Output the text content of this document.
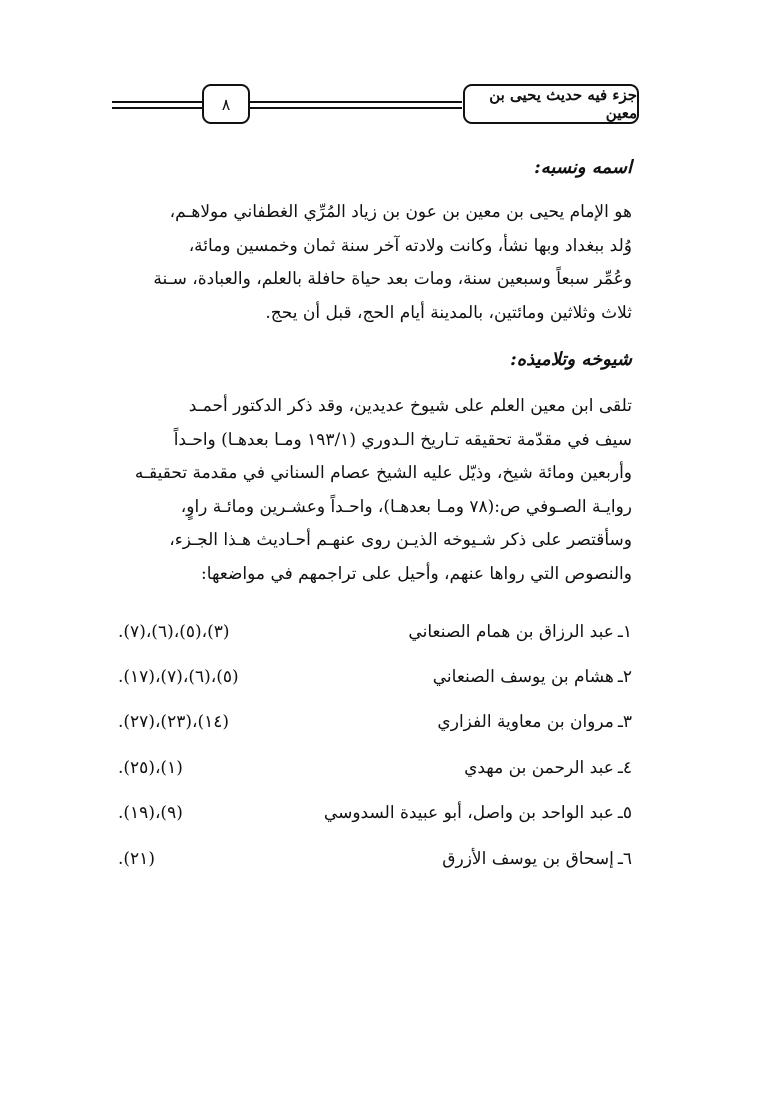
جزء فيه حديث يحيى بن معين
٨

اسمه ونسبه:

هو الإمام يحيى بن معين بن عون بن زياد المُرِّي الغطفاني مولاهـم،

وُلد ببغداد وبها نشأ، وكانت ولادته آخر سنة ثمان وخمسين ومائة،

وعُمِّر سبعاً وسبعين سنة، ومات بعد حياة حافلة بالعلم، والعبادة، سـنة

ثلاث وثلاثين ومائتين، بالمدينة أيام الحج، قبل أن يحج.

شيوخه وتلاميذه:

تلقى ابن معين العلم على شيوخ عديدين، وقد ذكر الدكتور أحمـد

سيف في مقدّمة تحقيقه تـاريخ الـدوري (١٩٣/١ ومـا بعدهـا) واحـداً

وأربعين ومائة شيخ، وذيّل عليه الشيخ عصام السناني في مقدمة تحقيقـه

روايـة الصـوفي ص:(٧٨ ومـا بعدهـا)، واحـداً وعشـرين ومائـة راوٍ،

وسأقتصر على ذكر شـيوخه الذيـن روى عنهـم أحـاديث هـذا الجـزء،

والنصوص التي رواها عنهم، وأحيل على تراجمهم في مواضعها:

١ـ
عبد الرزاق بن همام الصنعاني
(٣)،(٥)،(٦)،(٧).
٢ـ
هشام بن يوسف الصنعاني
(٥)،(٦)،(٧)،(١٧).
٣ـ
مروان بن معاوية الفزاري
(١٤)،(٢٣)،(٢٧).
٤ـ
عبد الرحمن بن مهدي
(١)،(٢٥).
٥ـ
عبد الواحد بن واصل، أبو عبيدة السدوسي
(٩)،(١٩).
٦ـ
إسحاق بن يوسف الأزرق
(٢١).
